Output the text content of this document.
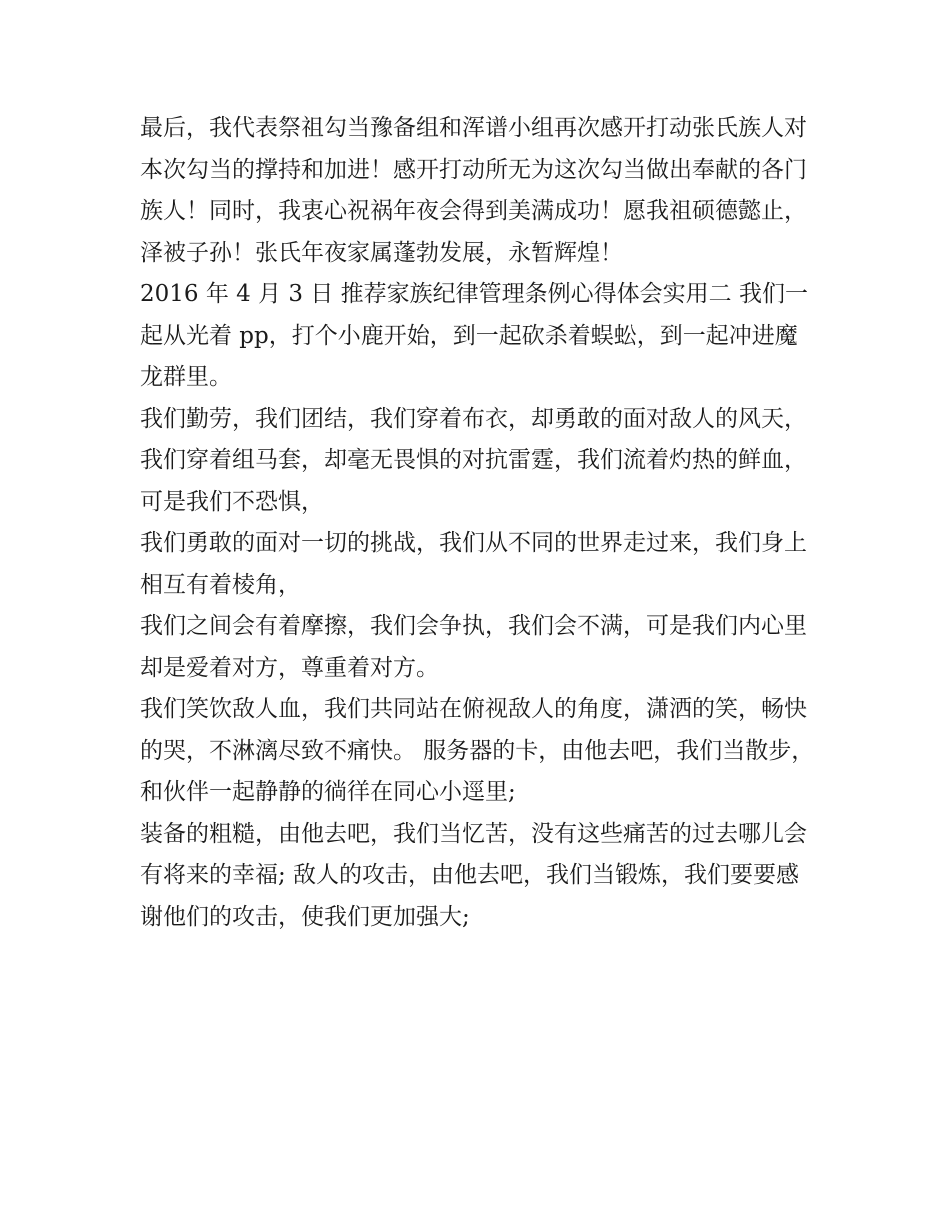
最后，我代表祭祖勾当豫备组和浑谱小组再次感开打动张氏族人对本次勾当的撑持和加进！感开打动所无为这次勾当做出奉献的各门族人！同时，我衷心祝祸年夜会得到美满成功！愿我祖硕德懿止，泽被子孙！张氏年夜家属蓬勃发展，永暂辉煌！

2016 年 4 月 3 日 推荐家族纪律管理条例心得体会实用二 我们一起从光着 pp，打个小鹿开始，到一起砍杀着蜈蚣，到一起冲进魔龙群里。

我们勤劳，我们团结，我们穿着布衣，却勇敢的面对敌人的风天， 我们穿着组马套，却毫无畏惧的对抗雷霆，我们流着灼热的鲜血，可是我们不恐惧，

我们勇敢的面对一切的挑战，我们从不同的世界走过来，我们身上相互有着棱角，

我们之间会有着摩擦，我们会争执，我们会不满，可是我们内心里却是爱着对方，尊重着对方。

我们笑饮敌人血，我们共同站在俯视敌人的角度，潇洒的笑，畅快的哭，不淋漓尽致不痛快。 服务器的卡，由他去吧，我们当散步，和伙伴一起静静的徜徉在同心小逕里;

装备的粗糙，由他去吧，我们当忆苦，没有这些痛苦的过去哪儿会有将来的幸福; 敌人的攻击，由他去吧，我们当锻炼，我们要要感谢他们的攻击，使我们更加强大;
